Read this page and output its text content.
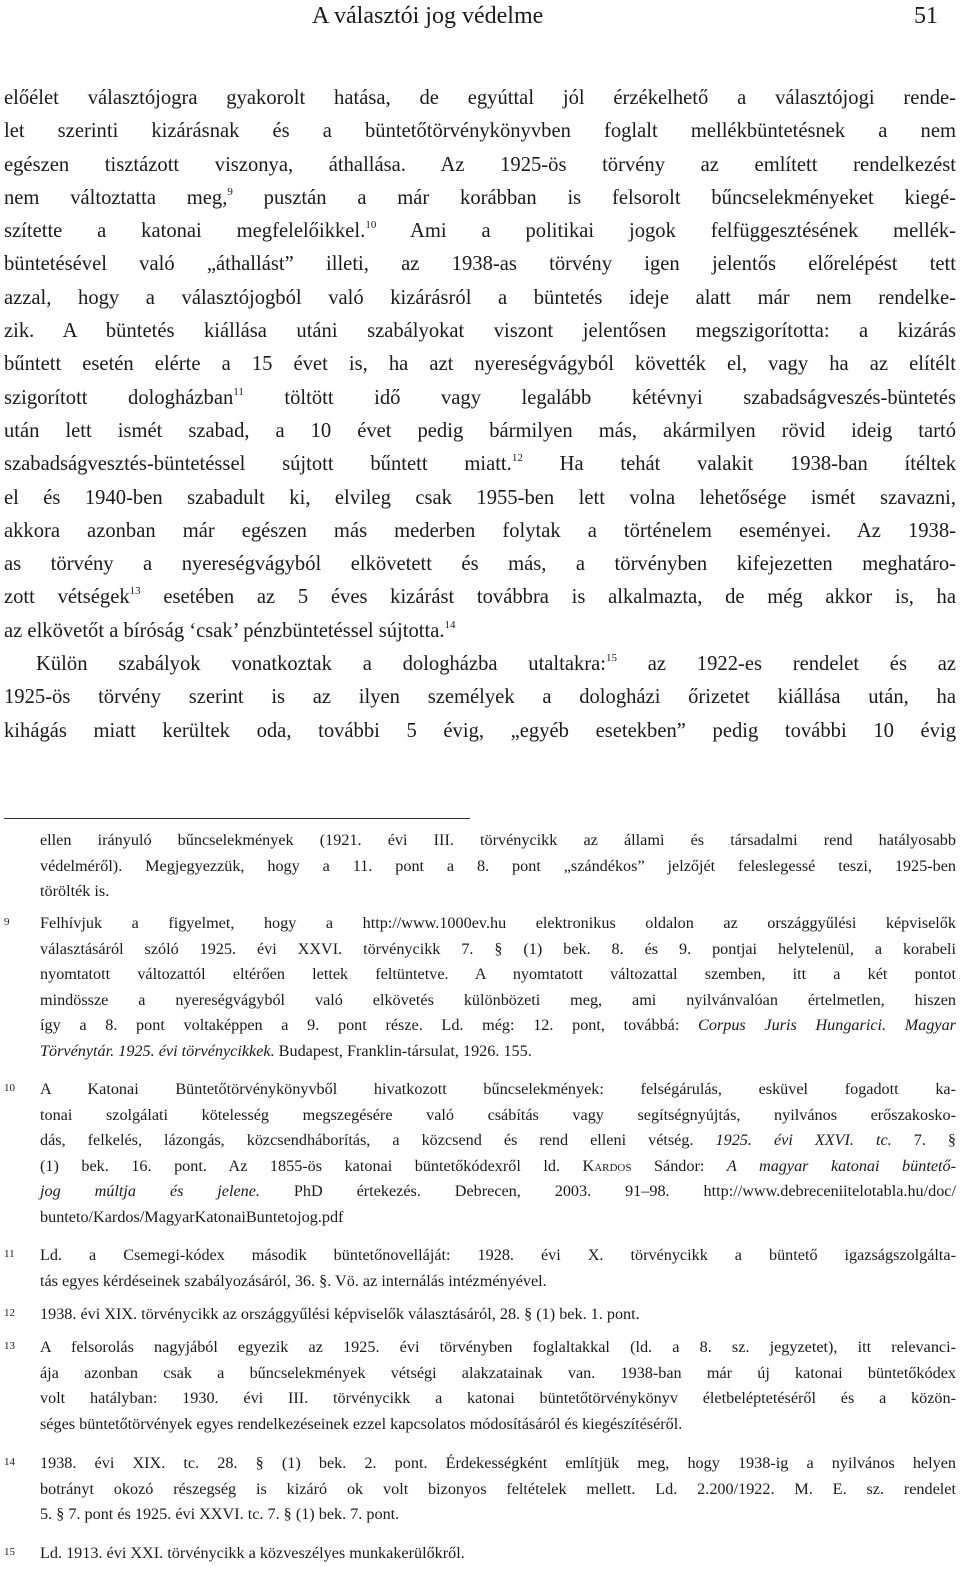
A választói jog védelme	51
előélet választójogra gyakorolt hatása, de egyúttal jól érzékelhető a választójogi rende-
let szerinti kizárásnak és a büntetőtörvénykönyvben foglalt mellékbüntetésnek a nem
egészen tisztázott viszonya, áthallása. Az 1925-ös törvény az említett rendelkezést
nem változtatta meg,$^9$ pusztán a már korábban is felsorolt bűncselekményeket kiegé-
szítette a katonai megfelelőikkel.$^{10}$ Ami a politikai jogok felfüggesztésének mellék-
büntetésével való „áthallást” illeti, az 1938-as törvény igen jelentős előrelépést tett
azzal, hogy a választójogból való kizárásról a büntetés ideje alatt már nem rendelke-
zik. A büntetés kiállása utáni szabályokat viszont jelentősen megszigorította: a kizárás
bűntett esetén elérte a 15 évet is, ha azt nyereségvágyból követték el, vagy ha az elítélt
szigorított dologházban$^{11}$ töltött idő vagy legalább kétévnyi szabadságveszés-büntetés
után lett ismét szabad, a 10 évet pedig bármilyen más, akármilyen rövid ideig tartó
szabadságvesztés-büntetéssel sújtott bűntett miatt.$^{12}$ Ha tehát valakit 1938-ban ítéltek
el és 1940-ben szabadult ki, elvileg csak 1955-ben lett volna lehetősége ismét szavazni,
akkora azonban már egészen más mederben folytak a történelem eseményei. Az 1938-
as törvény a nyereségvágyból elkövetett és más, a törvényben kifejezetten meghatáro-
zott vétségek$^{13}$ esetében az 5 éves kizárást továbbra is alkalmazta, de még akkor is, ha
az elkövetőt a bíróság ‘csak’ pénzbüntetéssel sújtotta.$^{14}$
Külön szabályok vonatkoztak a dologházba utaltakra:$^{15}$ az 1922-es rendelet és az
1925-ös törvény szerint is az ilyen személyek a dologházi őrizetet kiállása után, ha
kihágás miatt kerültek oda, további 5 évig, „egyéb esetekben” pedig további 10 évig
ellen irányuló bűncselekmények (1921. évi III. törvénycikk az állami és társadalmi rend hatályosabb
védelméről). Megjegyezzük, hogy a 11. pont a 8. pont „szándékos” jelzőjét feleslegessé teszi, 1925-ben
törölték is.
9 Felhívjuk a figyelmet, hogy a http://www.1000ev.hu elektronikus oldalon az országgyűlési képviselők
választásáról szóló 1925. évi XXVI. törvénycikk 7. § (1) bek. 8. és 9. pontjai helytelenül, a korabeli
nyomtatott változattól eltérően lettek feltüntetve. A nyomtatott változattal szemben, itt a két pontot
mindössze a nyereségvágyból való elkövetés különbözeti meg, ami nyilvánvalóan értelmetlen, hiszen
így a 8. pont voltaképpen a 9. pont része. Ld. még: 12. pont, továbbá: Corpus Juris Hungarici. Magyar
Törvénytár. 1925. évi törvénycikkek. Budapest, Franklin-társulat, 1926. 155.
10 A Katonai Büntetőtörvénykönyvből hivatkozott bűncselekmények: felségárulás, esküvel fogadott ka-
tonai szolgálati kötelesség megszegésére való csábítás vagy segítségnyújtás, nyilvános erőszakosko-
dás, felkelés, lázongás, közcsendháborítás, a közcsend és rend elleni vétség. 1925. évi XXVI. tc. 7. §
(1) bek. 16. pont. Az 1855-ös katonai büntetőkódexről ld. Kardos Sándor: A magyar katonai büntető-
jog múltja és jelene. PhD értekezés. Debrecen, 2003. 91–98. http://www.debreceniitelotabla.hu/doc/
bunteto/Kardos/MagyarKatonaiBuntetojog.pdf
11 Ld. a Csemegi-kódex második büntetőnovelláját: 1928. évi X. törvénycikk a büntető igazságszolgálta-
tás egyes kérdéseinek szabályozásáról, 36. §. Vö. az internálás intézményével.
12 1938. évi XIX. törvénycikk az országgyűlési képviselők választásáról, 28. § (1) bek. 1. pont.
13 A felsorolás nagyjából egyezik az 1925. évi törvényben foglaltakkal (ld. a 8. sz. jegyzetet), itt relevanci-
ája azonban csak a bűncselekmények vétségi alakzatainak van. 1938-ban már új katonai büntetőkódex
volt hatályban: 1930. évi III. törvénycikk a katonai büntetőtörvénykönyv életbeléptetéséről és a közön-
séges büntetőtörvények egyes rendelkezéseinek ezzel kapcsolatos módosításáról és kiegészítéséről.
14 1938. évi XIX. tc. 28. § (1) bek. 2. pont. Érdekességként említjük meg, hogy 1938-ig a nyilvános helyen
botrányt okozó részegség is kizáró ok volt bizonyos feltételek mellett. Ld. 2.200/1922. M. E. sz. rendelet
5. § 7. pont és 1925. évi XXVI. tc. 7. § (1) bek. 7. pont.
15 Ld. 1913. évi XXI. törvénycikk a közveszélyes munkakerülőkről.
